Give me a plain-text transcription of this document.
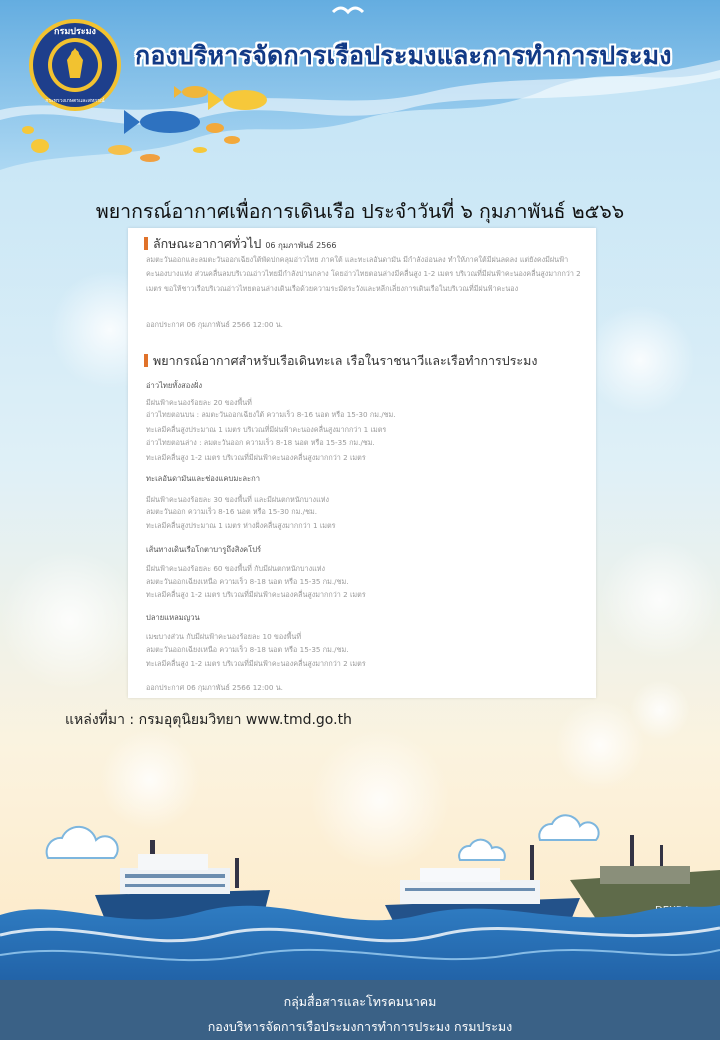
กรมประมง
กระทรวงเกษตรและสหกรณ์
กองบริหารจัดการเรือประมงและการทำการประมง
พยากรณ์อากาศเพื่อการเดินเรือ ประจำวันที่ ๖ กุมภาพันธ์ ๒๕๖๖
ลักษณะอากาศทั่วไป 06 กุมภาพันธ์ 2566
ลมตะวันออกและลมตะวันออกเฉียงใต้พัดปกคลุมอ่าวไทย ภาคใต้ และทะเลอันดามัน มีกำลังอ่อนลง ทำให้ภาคใต้มีฝนลดลง แต่ยังคงมีฝนฟ้าคะนองบางแห่ง ส่วนคลื่นลมบริเวณอ่าวไทยมีกำลังปานกลาง โดยอ่าวไทยตอนล่างมีคลื่นสูง 1-2 เมตร บริเวณที่มีฝนฟ้าคะนองคลื่นสูงมากกว่า 2 เมตร ขอให้ชาวเรือบริเวณอ่าวไทยตอนล่างเดินเรือด้วยความระมัดระวังและหลีกเลี่ยงการเดินเรือในบริเวณที่มีฝนฟ้าคะนอง
ออกประกาศ 06 กุมภาพันธ์ 2566 12:00 น.
พยากรณ์อากาศสำหรับเรือเดินทะเล เรือในราชนาวีและเรือทำการประมง
อ่าวไทยทั้งสองฝั่ง
มีฝนฟ้าคะนองร้อยละ 20 ของพื้นที่
อ่าวไทยตอนบน : ลมตะวันออกเฉียงใต้ ความเร็ว 8-16 นอต หรือ 15-30 กม./ชม.
ทะเลมีคลื่นสูงประมาณ 1 เมตร บริเวณที่มีฝนฟ้าคะนองคลื่นสูงมากกว่า 1 เมตร
อ่าวไทยตอนล่าง : ลมตะวันออก ความเร็ว 8-18 นอต หรือ 15-35 กม./ชม.
ทะเลมีคลื่นสูง 1-2 เมตร บริเวณที่มีฝนฟ้าคะนองคลื่นสูงมากกว่า 2 เมตร
ทะเลอันดามันและช่องแคบมะละกา
มีฝนฟ้าคะนองร้อยละ 30 ของพื้นที่ และมีฝนตกหนักบางแห่ง
ลมตะวันออก ความเร็ว 8-16 นอต หรือ 15-30 กม./ชม.
ทะเลมีคลื่นสูงประมาณ 1 เมตร ห่างฝั่งคลื่นสูงมากกว่า 1 เมตร
เส้นทางเดินเรือโกตาบารูถึงสิงคโปร์
มีฝนฟ้าคะนองร้อยละ 60 ของพื้นที่ กับมีฝนตกหนักบางแห่ง
ลมตะวันออกเฉียงเหนือ ความเร็ว 8-18 นอต หรือ 15-35 กม./ชม.
ทะเลมีคลื่นสูง 1-2 เมตร บริเวณที่มีฝนฟ้าคะนองคลื่นสูงมากกว่า 2 เมตร
ปลายแหลมญวน
เมฆบางส่วน กับมีฝนฟ้าคะนองร้อยละ 10 ของพื้นที่
ลมตะวันออกเฉียงเหนือ ความเร็ว 8-18 นอต หรือ 15-35 กม./ชม.
ทะเลมีคลื่นสูง 1-2 เมตร บริเวณที่มีฝนฟ้าคะนองคลื่นสูงมากกว่า 2 เมตร
ออกประกาศ 06 กุมภาพันธ์ 2566 12:00 น.
แหล่งที่มา : กรมอุตุนิยมวิทยา www.tmd.go.th
กลุ่มสื่อสารและโทรคมนาคม
กองบริหารจัดการเรือประมงการทำการประมง กรมประมง
